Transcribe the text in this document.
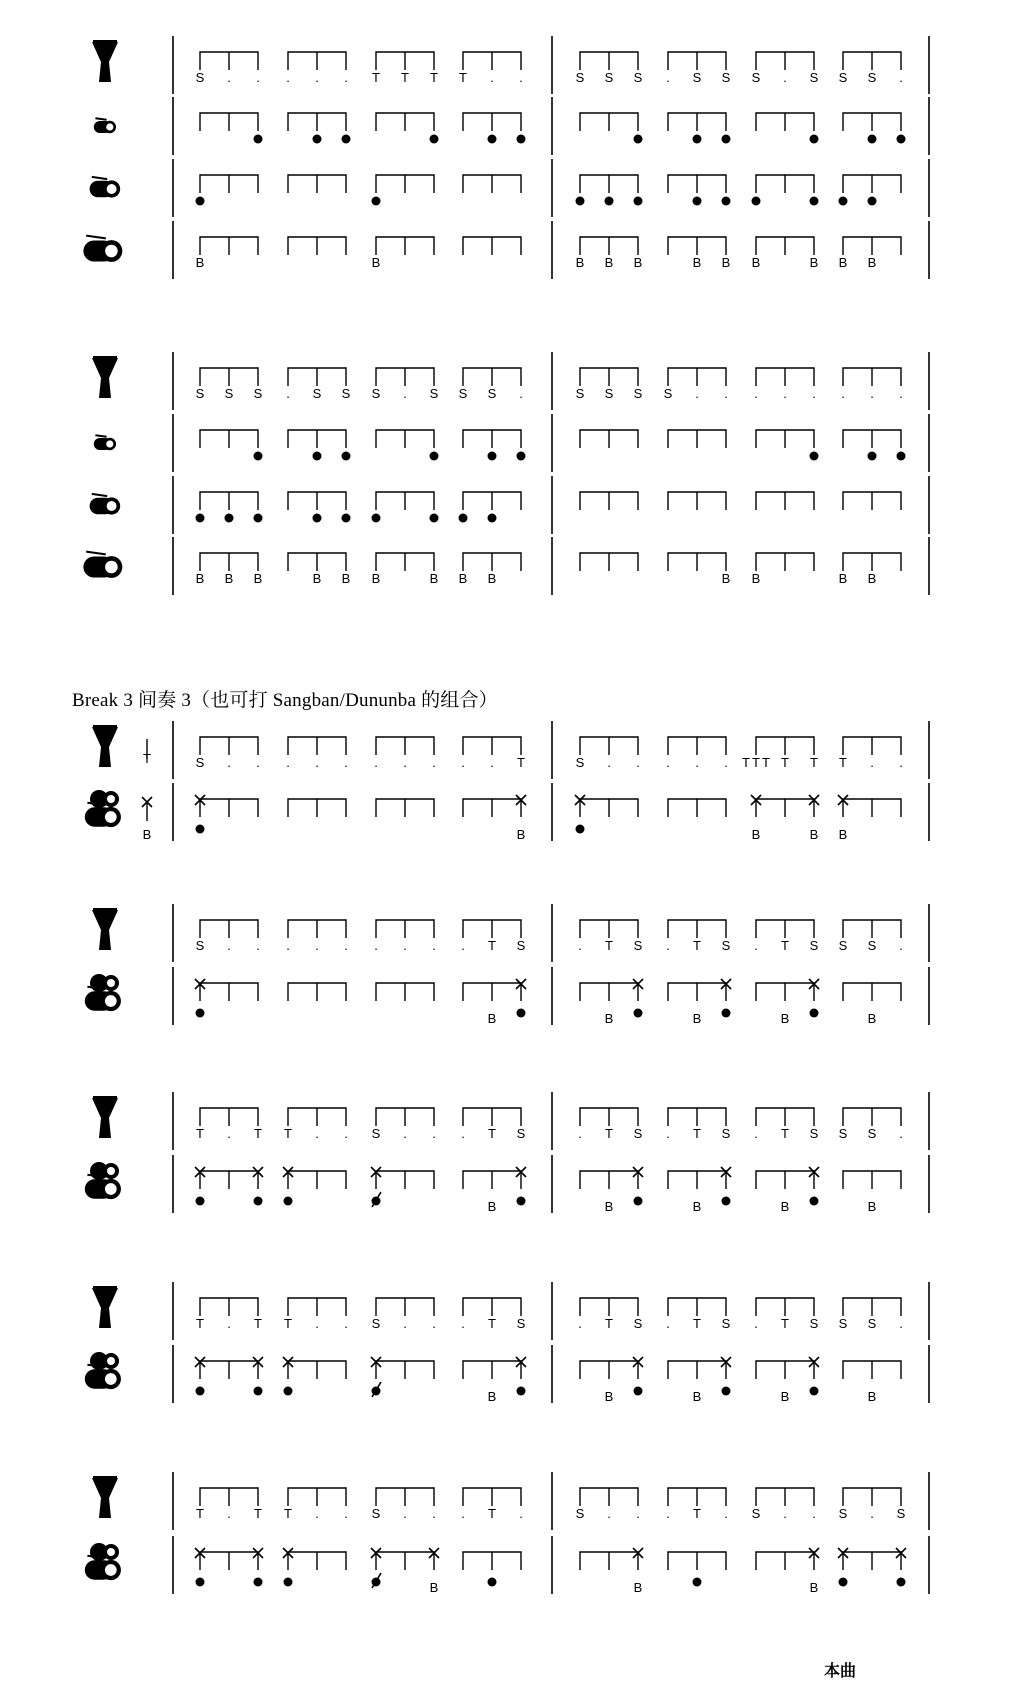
Break 3 间奏 3（也可打 Sangban/Dununba 的组合）
S . . . . . T T T T . .	S S S . S S S . S S S .
B	B	B B B	B B B	B B B
S S S . S S S . S S S .	S S S S . . . . . . . .
B B B	B B B	B B B	B B	B B
T	S . . . . . . . . . . T	S . . . . . T T T T T T . .
B	B	B	B B
S . . . . . . . . . T S	. T S . T S . T S S S .
B	B	B	B	B
T . T T . . S . . . T S	. T S . T S . T S S S .
B	B	B	B	B
T . T T . . S . . . T S	. T S . T S . T S S S .
B	B	B	B	B
T . T T . . S . . . T .	S . . . T . S . . S . S
B	B	B
本曲
